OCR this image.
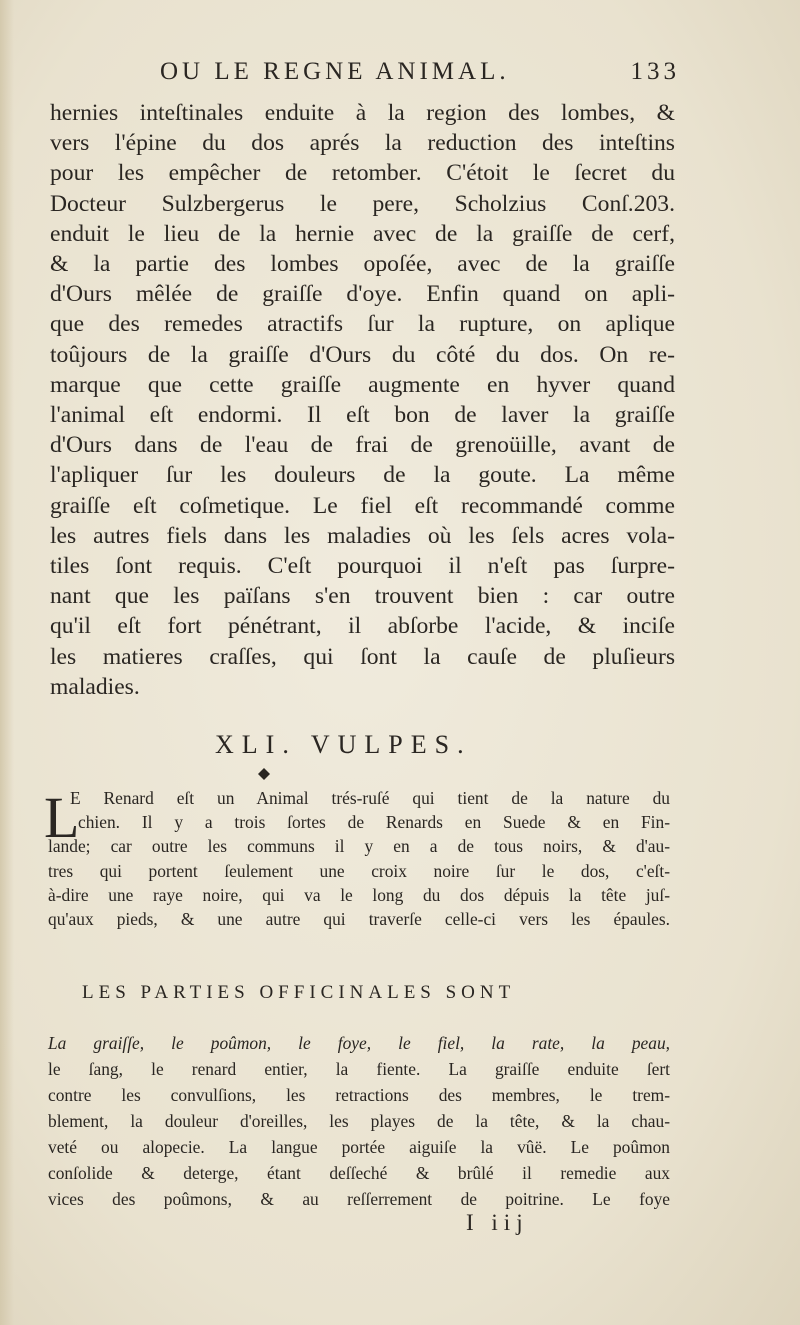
OU LE REGNE ANIMAL.	133
hernies inteſtinales enduite à la region des lombes, &
vers l'épine du dos aprés la reduction des inteſtins
pour les empêcher de retomber. C'étoit le ſecret du
Docteur Sulzbergerus le pere, Scholzius Conſ.203.
enduit le lieu de la hernie avec de la graiſſe de cerf,
& la partie des lombes opoſée, avec de la graiſſe
d'Ours mêlée de graiſſe d'oye. Enfin quand on apli-
que des remedes atractifs ſur la rupture, on aplique
toûjours de la graiſſe d'Ours du côté du dos. On re-
marque que cette graiſſe augmente en hyver quand
l'animal eſt endormi. Il eſt bon de laver la graiſſe
d'Ours dans de l'eau de frai de grenoüille, avant de
l'apliquer ſur les douleurs de la goute. La même
graiſſe eſt coſmetique. Le fiel eſt recommandé comme
les autres fiels dans les maladies où les ſels acres vola-
tiles ſont requis. C'eſt pourquoi il n'eſt pas ſurpre-
nant que les païſans s'en trouvent bien : car outre
qu'il eſt fort pénétrant, il abſorbe l'acide, & inciſe
les matieres craſſes, qui ſont la cauſe de pluſieurs
maladies.
XLI. VULPES.
L
E Renard eſt un Animal trés-ruſé qui tient de la nature du
chien. Il y a trois ſortes de Renards en Suede & en Fin-
lande; car outre les communs il y en a de tous noirs, & d'au-
tres qui portent ſeulement une croix noire ſur le dos, c'eſt-
à-dire une raye noire, qui va le long du dos dépuis la tête juſ-
qu'aux pieds, & une autre qui traverſe celle-ci vers les épaules.
LES PARTIES OFFICINALES SONT
La graiſſe, le poûmon, le foye, le fiel, la rate, la peau,
le ſang, le renard entier, la fiente. La graiſſe enduite ſert
contre les convulſions, les retractions des membres, le trem-
blement, la douleur d'oreilles, les playes de la tête, & la chau-
veté ou alopecie. La langue portée aiguiſe la vûë. Le poûmon
conſolide & deterge, étant deſſeché & brûlé il remedie aux
vices des poûmons, & au reſſerrement de poitrine. Le foye
I iij
